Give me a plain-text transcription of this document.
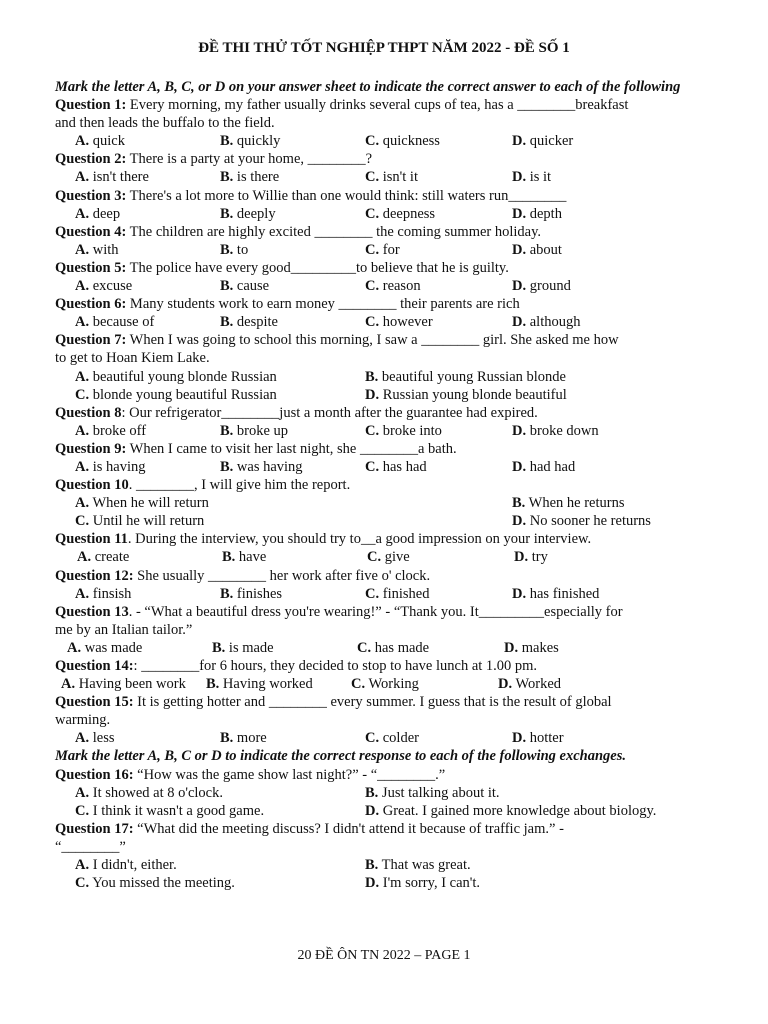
ĐỀ THI THỬ TỐT NGHIỆP THPT NĂM 2022 - ĐỀ SỐ 1
Mark the letter A, B, C, or D on your answer sheet to indicate the correct answer to each of the following
Question 1: Every morning, my father usually drinks several cups of tea, has a ________breakfast
and then leads the buffalo to the field.
A. quick	B. quickly	C. quickness	D. quicker
Question 2: There is a party at your home, ________?
A. isn't there	B. is there	C. isn't it	D. is it
Question 3: There's a lot more to Willie than one would think: still waters run________
A. deep	B. deeply	C. deepness	D. depth
Question 4: The children are highly excited ________ the coming summer holiday.
A. with	B. to	C. for	D. about
Question 5: The police have every good_________to believe that he is guilty.
A. excuse	B. cause	C. reason	D. ground
Question 6: Many students work to earn money ________ their parents are rich
A. because of	B. despite	C. however	D. although
Question 7: When I was going to school this morning, I saw a ________ girl. She asked me how
to get to Hoan Kiem Lake.
A. beautiful young blonde Russian	B. beautiful young Russian blonde
C. blonde young beautiful Russian	D. Russian young blonde beautiful
Question 8: Our refrigerator________just a month after the guarantee had expired.
A. broke off	B. broke up	C. broke into	D. broke down
Question 9: When I came to visit her last night, she ________a bath.
A. is having	B. was having	C. has had	D. had had
Question 10. ________, I will give him the report.
A. When he will return	B. When he returns
C. Until he will return	D. No sooner he returns
Question 11. During the interview, you should try to__a good impression on your interview.
A. create	B. have	C. give	D. try
Question 12: She usually ________ her work after five o' clock.
A. finsish	B. finishes	C. finished	D. has finished
Question 13. - “What a beautiful dress you're wearing!” - “Thank you. It_________especially for
me by an Italian tailor.”
A. was made	B. is made	C. has made	D. makes
Question 14:: ________for 6 hours, they decided to stop to have lunch at 1.00 pm.
A. Having been work B. Having worked	C. Working	D. Worked
Question 15: It is getting hotter and ________ every summer. I guess that is the result of global
warming.
A. less	B. more	C. colder	D. hotter
Mark the letter A, B, C or D to indicate the correct response to each of the following exchanges.
Question 16: “How was the game show last night?” - “________.”
A. It showed at 8 o'clock.	B. Just talking about it.
C. I think it wasn't a good game.	D. Great. I gained more knowledge about biology.
Question 17: “What did the meeting discuss? I didn't attend it because of traffic jam.” -
“________”
A. I didn't, either.	B. That was great.
C. You missed the meeting.	D. I'm sorry, I can't.
20 ĐỀ ÔN TN 2022 – PAGE 1
